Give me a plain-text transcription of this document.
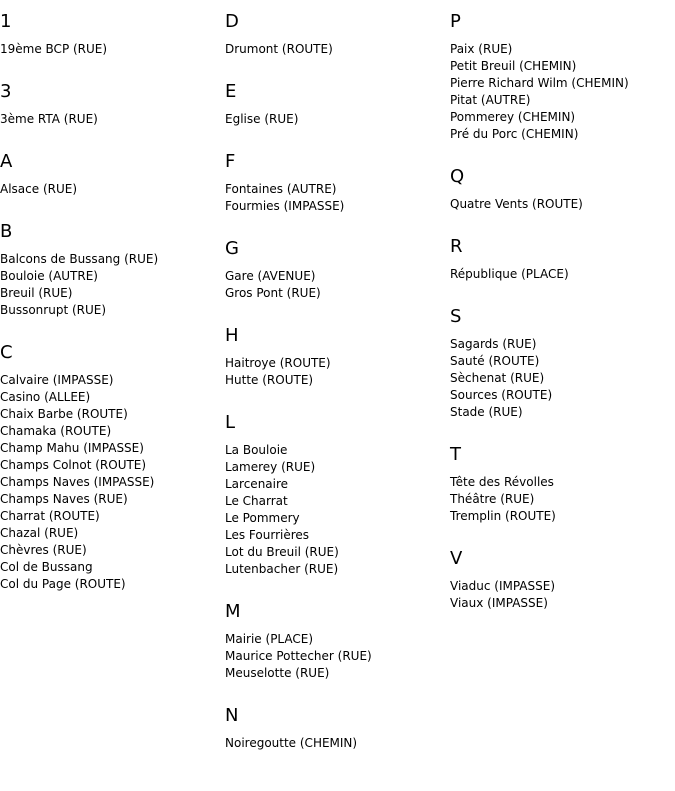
1
19ème BCP (RUE)
3
3ème RTA (RUE)
A
Alsace (RUE)
B
Balcons de Bussang (RUE)
Bouloie (AUTRE)
Breuil (RUE)
Bussonrupt (RUE)
C
Calvaire (IMPASSE)
Casino (ALLEE)
Chaix Barbe (ROUTE)
Chamaka (ROUTE)
Champ Mahu (IMPASSE)
Champs Colnot (ROUTE)
Champs Naves (IMPASSE)
Champs Naves (RUE)
Charrat (ROUTE)
Chazal (RUE)
Chèvres (RUE)
Col de Bussang
Col du Page (ROUTE)
D
Drumont (ROUTE)
E
Eglise (RUE)
F
Fontaines (AUTRE)
Fourmies (IMPASSE)
G
Gare (AVENUE)
Gros Pont (RUE)
H
Haitroye (ROUTE)
Hutte (ROUTE)
L
La Bouloie
Lamerey (RUE)
Larcenaire
Le Charrat
Le Pommery
Les Fourrières
Lot du Breuil (RUE)
Lutenbacher (RUE)
M
Mairie (PLACE)
Maurice Pottecher (RUE)
Meuselotte (RUE)
N
Noiregoutte (CHEMIN)
P
Paix (RUE)
Petit Breuil (CHEMIN)
Pierre Richard Wilm (CHEMIN)
Pitat (AUTRE)
Pommerey (CHEMIN)
Pré du Porc (CHEMIN)
Q
Quatre Vents (ROUTE)
R
République (PLACE)
S
Sagards (RUE)
Sauté (ROUTE)
Sèchenat (RUE)
Sources (ROUTE)
Stade (RUE)
T
Tête des Révolles
Théâtre (RUE)
Tremplin (ROUTE)
V
Viaduc (IMPASSE)
Viaux (IMPASSE)
